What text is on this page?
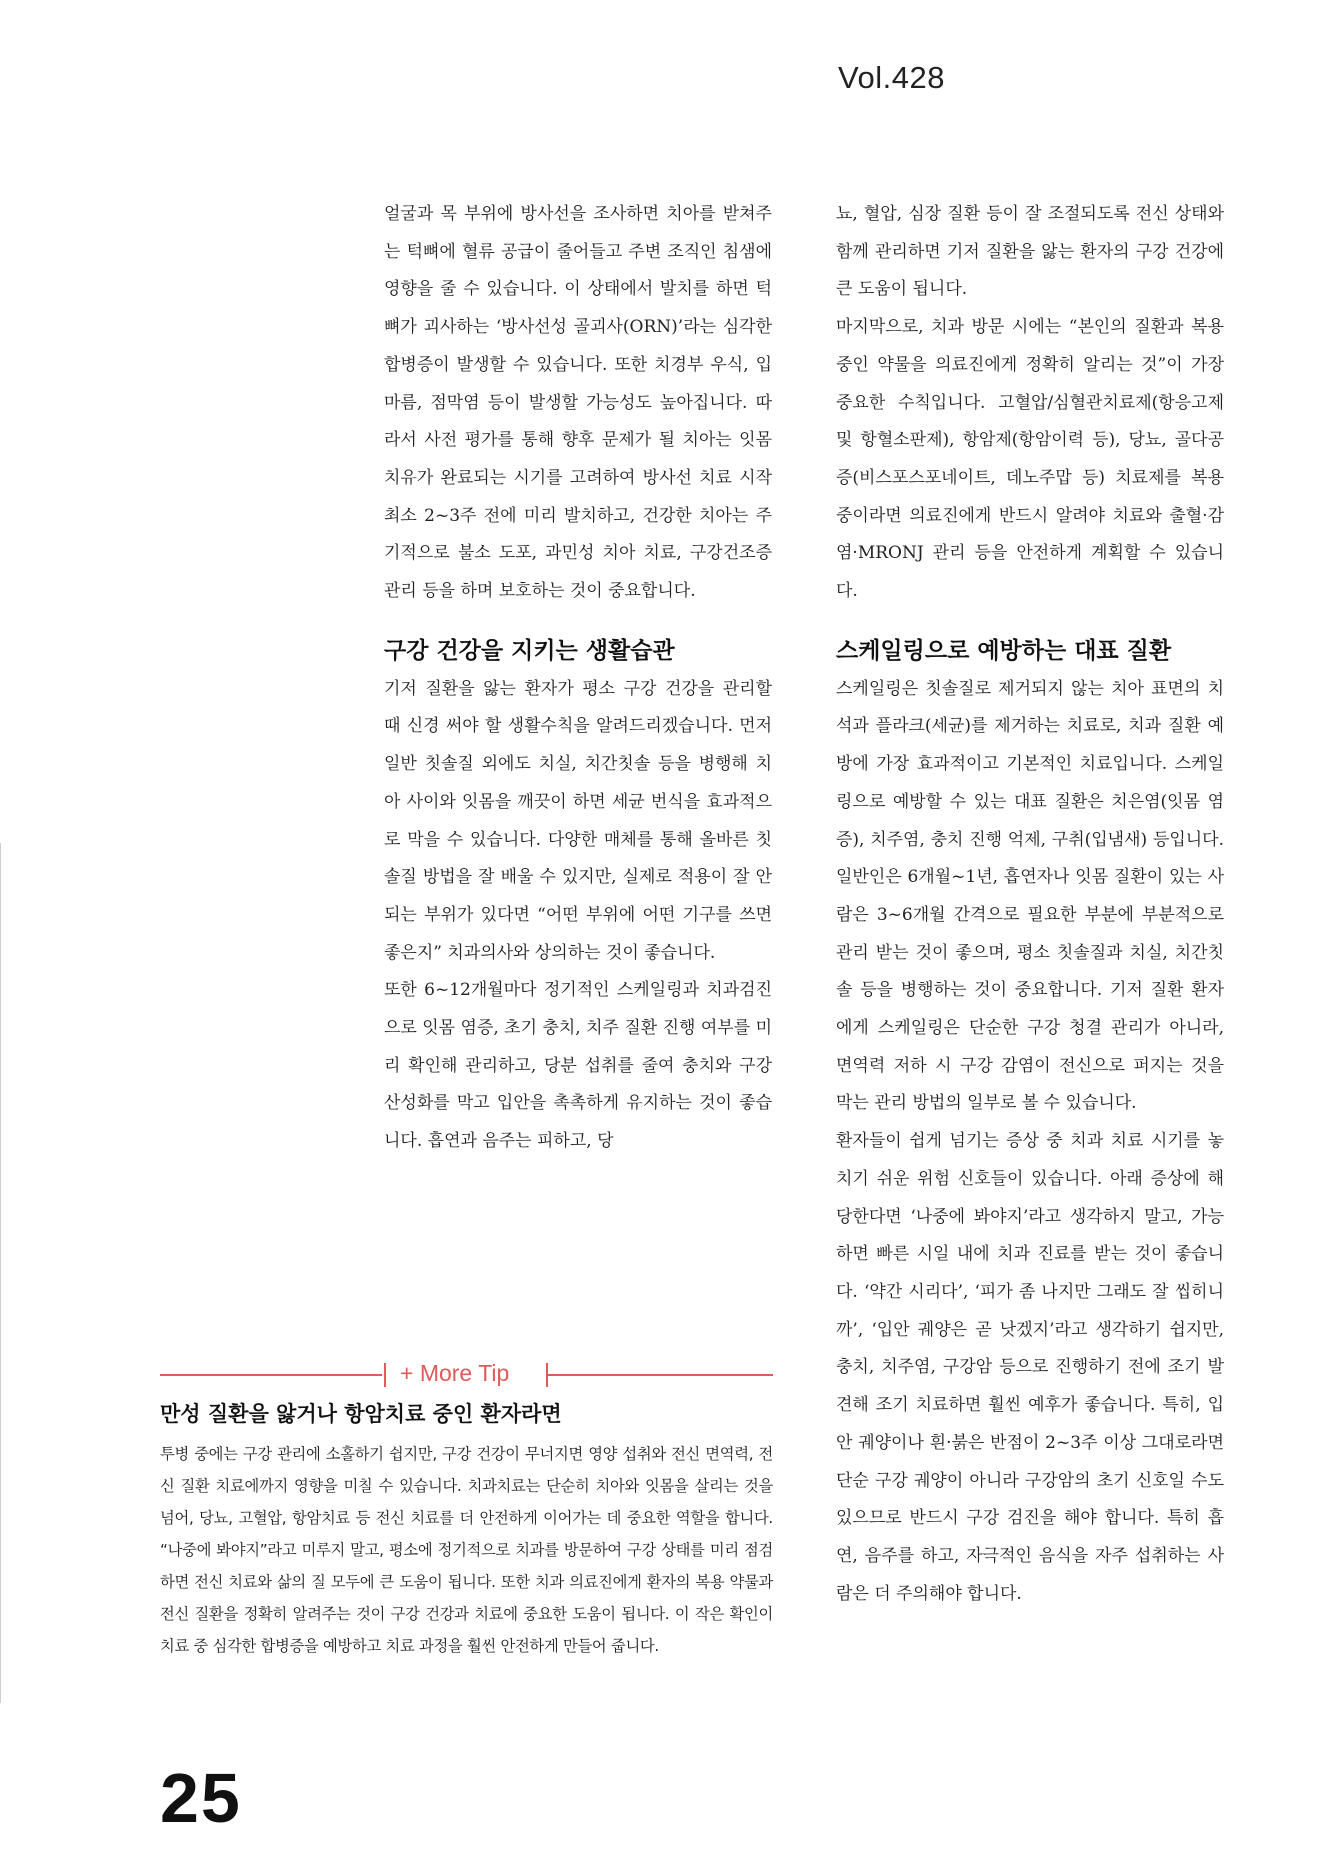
Vol.428

얼굴과 목 부위에 방사선을 조사하면 치아를 받쳐주는 턱뼈에 혈류 공급이 줄어들고 주변 조직인 침샘에 영향을 줄 수 있습니다. 이 상태에서 발치를 하면 턱뼈가 괴사하는 ‘방사선성 골괴사(ORN)’라는 심각한 합병증이 발생할 수 있습니다. 또한 치경부 우식, 입마름, 점막염 등이 발생할 가능성도 높아집니다. 따라서 사전 평가를 통해 향후 문제가 될 치아는 잇몸 치유가 완료되는 시기를 고려하여 방사선 치료 시작 최소 2~3주 전에 미리 발치하고, 건강한 치아는 주기적으로 불소 도포, 과민성 치아 치료, 구강건조증 관리 등을 하며 보호하는 것이 중요합니다.

구강 건강을 지키는 생활습관

기저 질환을 앓는 환자가 평소 구강 건강을 관리할 때 신경 써야 할 생활수칙을 알려드리겠습니다. 먼저 일반 칫솔질 외에도 치실, 치간칫솔 등을 병행해 치아 사이와 잇몸을 깨끗이 하면 세균 번식을 효과적으로 막을 수 있습니다. 다양한 매체를 통해 올바른 칫솔질 방법을 잘 배울 수 있지만, 실제로 적용이 잘 안 되는 부위가 있다면 “어떤 부위에 어떤 기구를 쓰면 좋은지” 치과의사와 상의하는 것이 좋습니다.

또한 6~12개월마다 정기적인 스케일링과 치과검진으로 잇몸 염증, 초기 충치, 치주 질환 진행 여부를 미리 확인해 관리하고, 당분 섭취를 줄여 충치와 구강 산성화를 막고 입안을 촉촉하게 유지하는 것이 좋습니다. 흡연과 음주는 피하고, 당

뇨, 혈압, 심장 질환 등이 잘 조절되도록 전신 상태와 함께 관리하면 기저 질환을 앓는 환자의 구강 건강에 큰 도움이 됩니다.

마지막으로, 치과 방문 시에는 “본인의 질환과 복용 중인 약물을 의료진에게 정확히 알리는 것”이 가장 중요한 수칙입니다. 고혈압/심혈관치료제(항응고제 및 항혈소판제), 항암제(항암이력 등), 당뇨, 골다공증(비스포스포네이트, 데노주맙 등) 치료제를 복용 중이라면 의료진에게 반드시 알려야 치료와 출혈·감염·MRONJ 관리 등을 안전하게 계획할 수 있습니다.

스케일링으로 예방하는 대표 질환

스케일링은 칫솔질로 제거되지 않는 치아 표면의 치석과 플라크(세균)를 제거하는 치료로, 치과 질환 예방에 가장 효과적이고 기본적인 치료입니다. 스케일링으로 예방할 수 있는 대표 질환은 치은염(잇몸 염증), 치주염, 충치 진행 억제, 구취(입냄새) 등입니다. 일반인은 6개월~1년, 흡연자나 잇몸 질환이 있는 사람은 3~6개월 간격으로 필요한 부분에 부분적으로 관리 받는 것이 좋으며, 평소 칫솔질과 치실, 치간칫솔 등을 병행하는 것이 중요합니다. 기저 질환 환자에게 스케일링은 단순한 구강 청결 관리가 아니라, 면역력 저하 시 구강 감염이 전신으로 퍼지는 것을 막는 관리 방법의 일부로 볼 수 있습니다.

환자들이 쉽게 넘기는 증상 중 치과 치료 시기를 놓치기 쉬운 위험 신호들이 있습니다. 아래 증상에 해당한다면 ‘나중에 봐야지’라고 생각하지 말고, 가능하면 빠른 시일 내에 치과 진료를 받는 것이 좋습니다. ‘약간 시리다’, ‘피가 좀 나지만 그래도 잘 씹히니까’, ‘입안 궤양은 곧 낫겠지’라고 생각하기 쉽지만, 충치, 치주염, 구강암 등으로 진행하기 전에 조기 발견해 조기 치료하면 훨씬 예후가 좋습니다. 특히, 입안 궤양이나 흰·붉은 반점이 2~3주 이상 그대로라면 단순 구강 궤양이 아니라 구강암의 초기 신호일 수도 있으므로 반드시 구강 검진을 해야 합니다. 특히 흡연, 음주를 하고, 자극적인 음식을 자주 섭취하는 사람은 더 주의해야 합니다.

+ More Tip
만성 질환을 앓거나 항암치료 중인 환자라면

투병 중에는 구강 관리에 소홀하기 쉽지만, 구강 건강이 무너지면 영양 섭취와 전신 면역력, 전신 질환 치료에까지 영향을 미칠 수 있습니다. 치과치료는 단순히 치아와 잇몸을 살리는 것을 넘어, 당뇨, 고혈압, 항암치료 등 전신 치료를 더 안전하게 이어가는 데 중요한 역할을 합니다. “나중에 봐야지”라고 미루지 말고, 평소에 정기적으로 치과를 방문하여 구강 상태를 미리 점검하면 전신 치료와 삶의 질 모두에 큰 도움이 됩니다. 또한 치과 의료진에게 환자의 복용 약물과 전신 질환을 정확히 알려주는 것이 구강 건강과 치료에 중요한 도움이 됩니다. 이 작은 확인이 치료 중 심각한 합병증을 예방하고 치료 과정을 훨씬 안전하게 만들어 줍니다.

25
